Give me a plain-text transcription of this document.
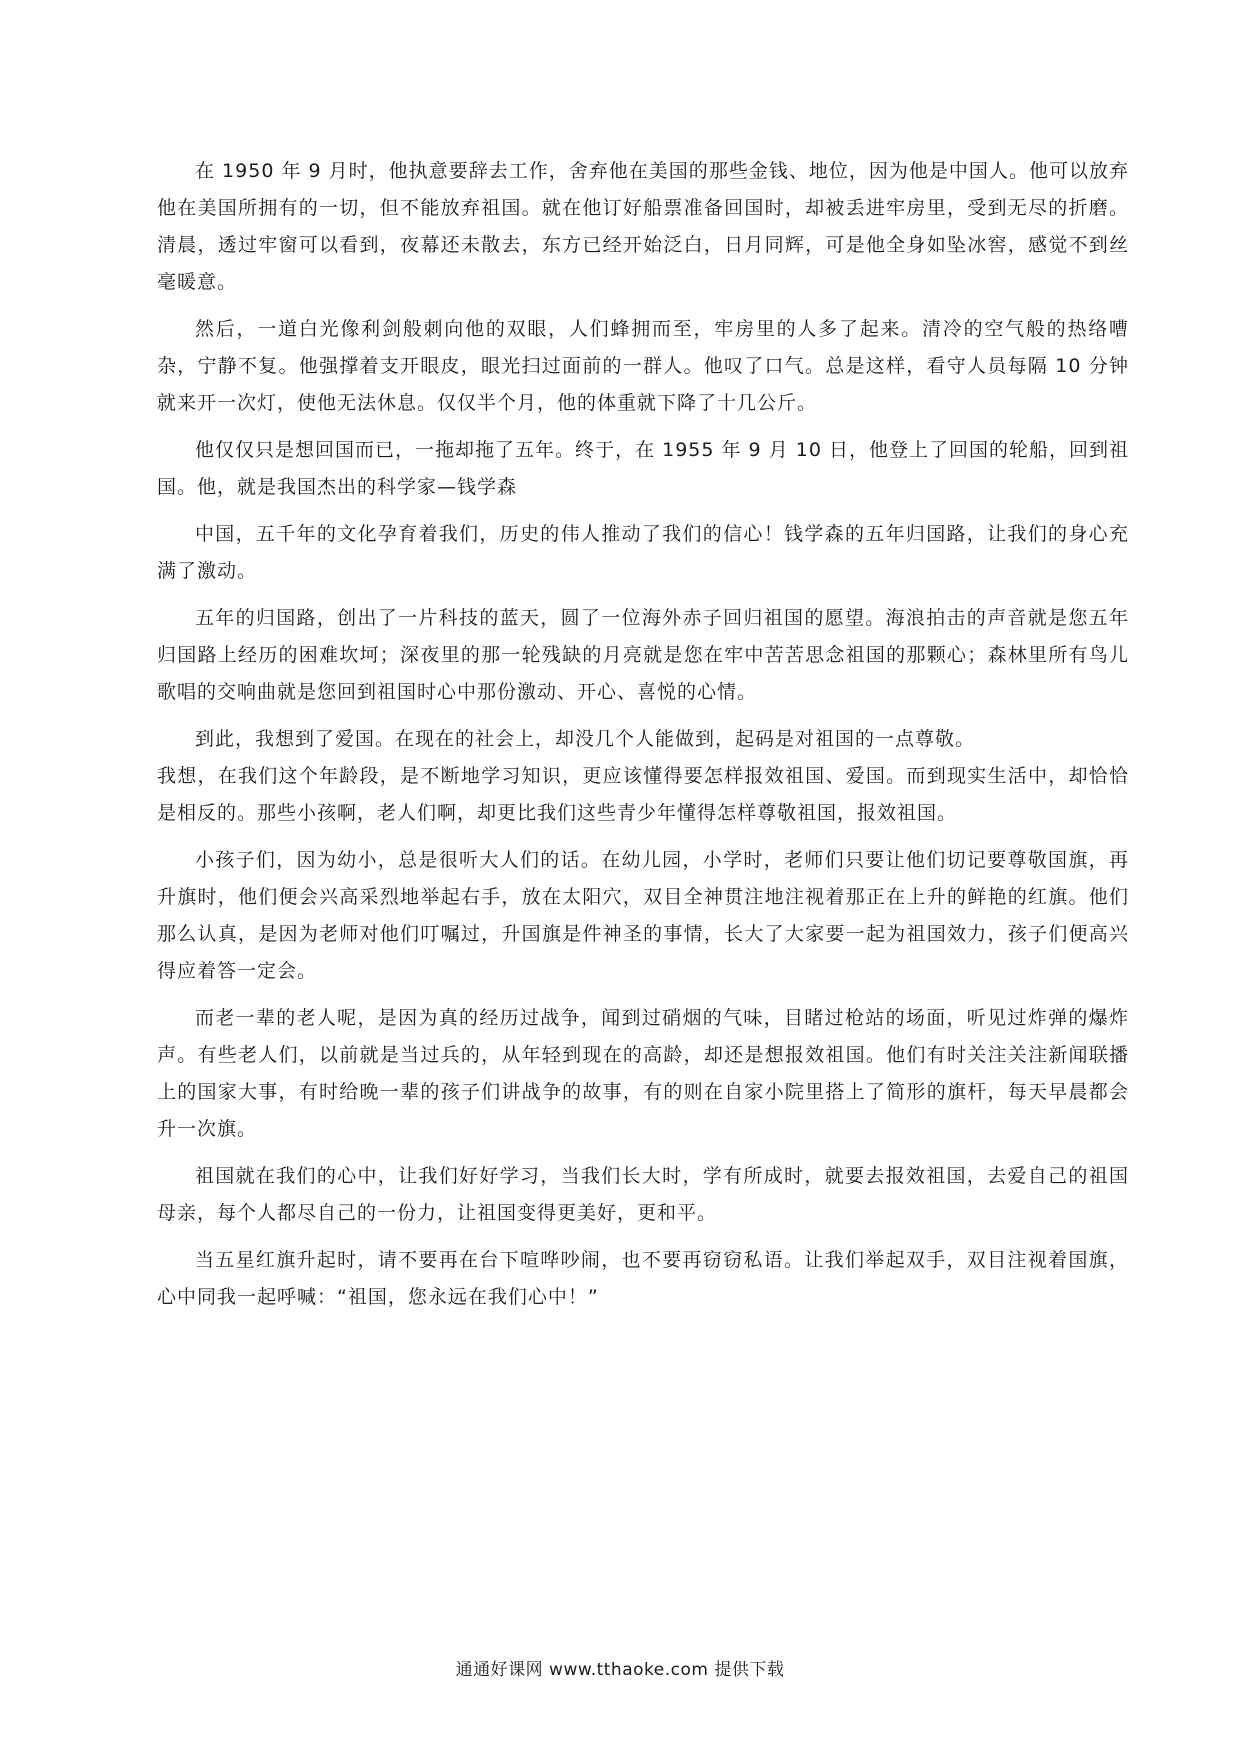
在 1950 年 9 月时，他执意要辞去工作，舍弃他在美国的那些金钱、地位，因为他是中国人。他可以放弃他在美国所拥有的一切，但不能放弃祖国。就在他订好船票准备回国时，却被丢进牢房里，受到无尽的折磨。清晨，透过牢窗可以看到，夜幕还未散去，东方已经开始泛白，日月同辉，可是他全身如坠冰窖，感觉不到丝毫暖意。

然后，一道白光像利剑般刺向他的双眼，人们蜂拥而至，牢房里的人多了起来。清冷的空气般的热络嘈杂，宁静不复。他强撑着支开眼皮，眼光扫过面前的一群人。他叹了口气。总是这样，看守人员每隔 10 分钟就来开一次灯，使他无法休息。仅仅半个月，他的体重就下降了十几公斤。

他仅仅只是想回国而已，一拖却拖了五年。终于，在 1955 年 9 月 10 日，他登上了回国的轮船，回到祖国。他，就是我国杰出的科学家—钱学森

中国，五千年的文化孕育着我们，历史的伟人推动了我们的信心！钱学森的五年归国路，让我们的身心充满了激动。

五年的归国路，创出了一片科技的蓝天，圆了一位海外赤子回归祖国的愿望。海浪拍击的声音就是您五年归国路上经历的困难坎坷；深夜里的那一轮残缺的月亮就是您在牢中苦苦思念祖国的那颗心；森林里所有鸟儿歌唱的交响曲就是您回到祖国时心中那份激动、开心、喜悦的心情。

到此，我想到了爱国。在现在的社会上，却没几个人能做到，起码是对祖国的一点尊敬。

我想，在我们这个年龄段，是不断地学习知识，更应该懂得要怎样报效祖国、爱国。而到现实生活中，却恰恰是相反的。那些小孩啊，老人们啊，却更比我们这些青少年懂得怎样尊敬祖国，报效祖国。

小孩子们，因为幼小，总是很听大人们的话。在幼儿园，小学时，老师们只要让他们切记要尊敬国旗，再升旗时，他们便会兴高采烈地举起右手，放在太阳穴，双目全神贯注地注视着那正在上升的鲜艳的红旗。他们那么认真，是因为老师对他们叮嘱过，升国旗是件神圣的事情，长大了大家要一起为祖国效力，孩子们便高兴得应着答一定会。

而老一辈的老人呢，是因为真的经历过战争，闻到过硝烟的气味，目睹过枪站的场面，听见过炸弹的爆炸声。有些老人们，以前就是当过兵的，从年轻到现在的高龄，却还是想报效祖国。他们有时关注关注新闻联播上的国家大事，有时给晚一辈的孩子们讲战争的故事，有的则在自家小院里搭上了简形的旗杆，每天早晨都会升一次旗。

祖国就在我们的心中，让我们好好学习，当我们长大时，学有所成时，就要去报效祖国，去爱自己的祖国母亲，每个人都尽自己的一份力，让祖国变得更美好，更和平。

当五星红旗升起时，请不要再在台下喧哗吵闹，也不要再窃窃私语。让我们举起双手，双目注视着国旗，心中同我一起呼喊：“祖国，您永远在我们心中！”

通通好课网 www.tthaoke.com 提供下载
